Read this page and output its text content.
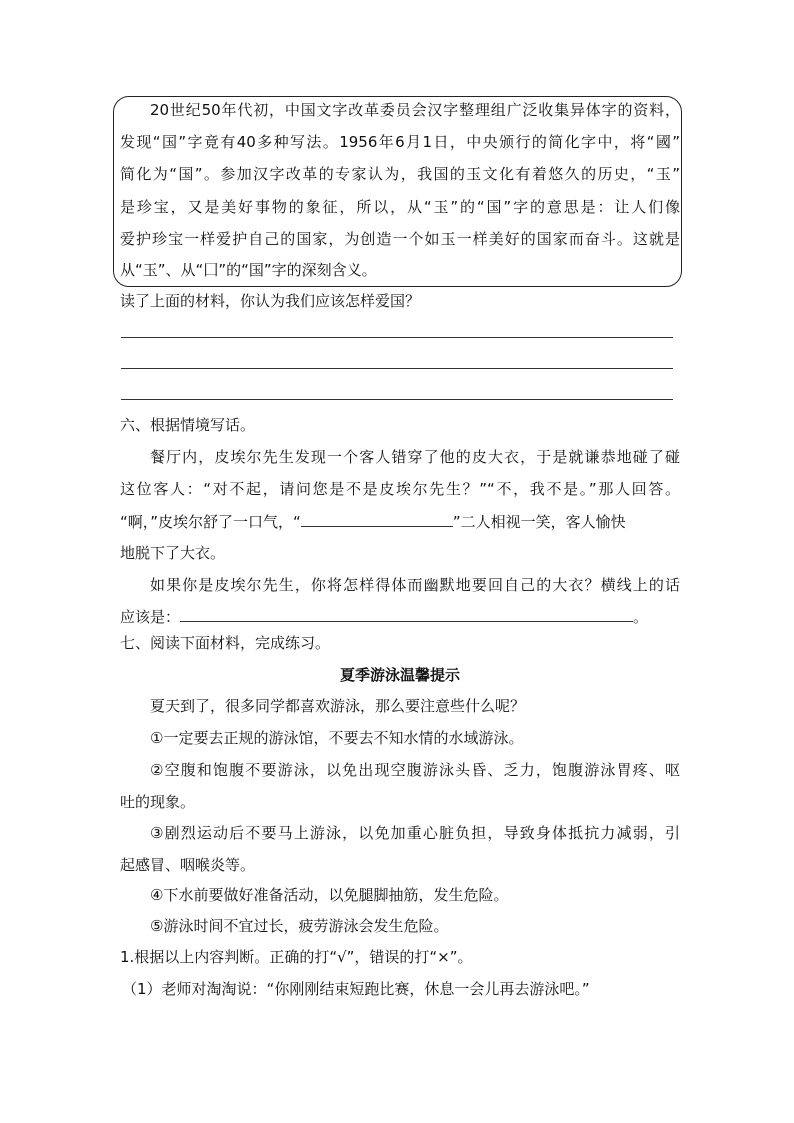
20世纪50年代初，中国文字改革委员会汉字整理组广泛收集异体字的资料，
发现“国”字竟有40多种写法。1956年6月1日，中央颁行的简化字中，将“國”
简化为“国”。参加汉字改革的专家认为，我国的玉文化有着悠久的历史，“玉”
是珍宝，又是美好事物的象征，所以，从“玉”的“国”字的意思是：让人们像
爱护珍宝一样爱护自己的国家，为创造一个如玉一样美好的国家而奋斗。这就是
从“玉”、从“囗”的“国”字的深刻含义。
读了上面的材料，你认为我们应该怎样爱国？
六、根据情境写话。
餐厅内，皮埃尔先生发现一个客人错穿了他的皮大衣，于是就谦恭地碰了碰
这位客人：“对不起，请问您是不是皮埃尔先生？”“不，我不是。”那人回答。
“啊，”皮埃尔舒了一口气，“	”二人相视一笑，客人愉快
地脱下了大衣。
如果你是皮埃尔先生，你将怎样得体而幽默地要回自己的大衣？横线上的话
应该是：	。
七、阅读下面材料，完成练习。
夏季游泳温馨提示
夏天到了，很多同学都喜欢游泳，那么要注意些什么呢？
①一定要去正规的游泳馆，不要去不知水情的水域游泳。
②空腹和饱腹不要游泳，以免出现空腹游泳头昏、乏力，饱腹游泳胃疼、呕
吐的现象。
③剧烈运动后不要马上游泳，以免加重心脏负担，导致身体抵抗力减弱，引
起感冒、咽喉炎等。
④下水前要做好准备活动，以免腿脚抽筋，发生危险。
⑤游泳时间不宜过长，疲劳游泳会发生危险。
1.根据以上内容判断。正确的打“√”，错误的打“×”。
（1）老师对淘淘说：“你刚刚结束短跑比赛，休息一会儿再去游泳吧。”
